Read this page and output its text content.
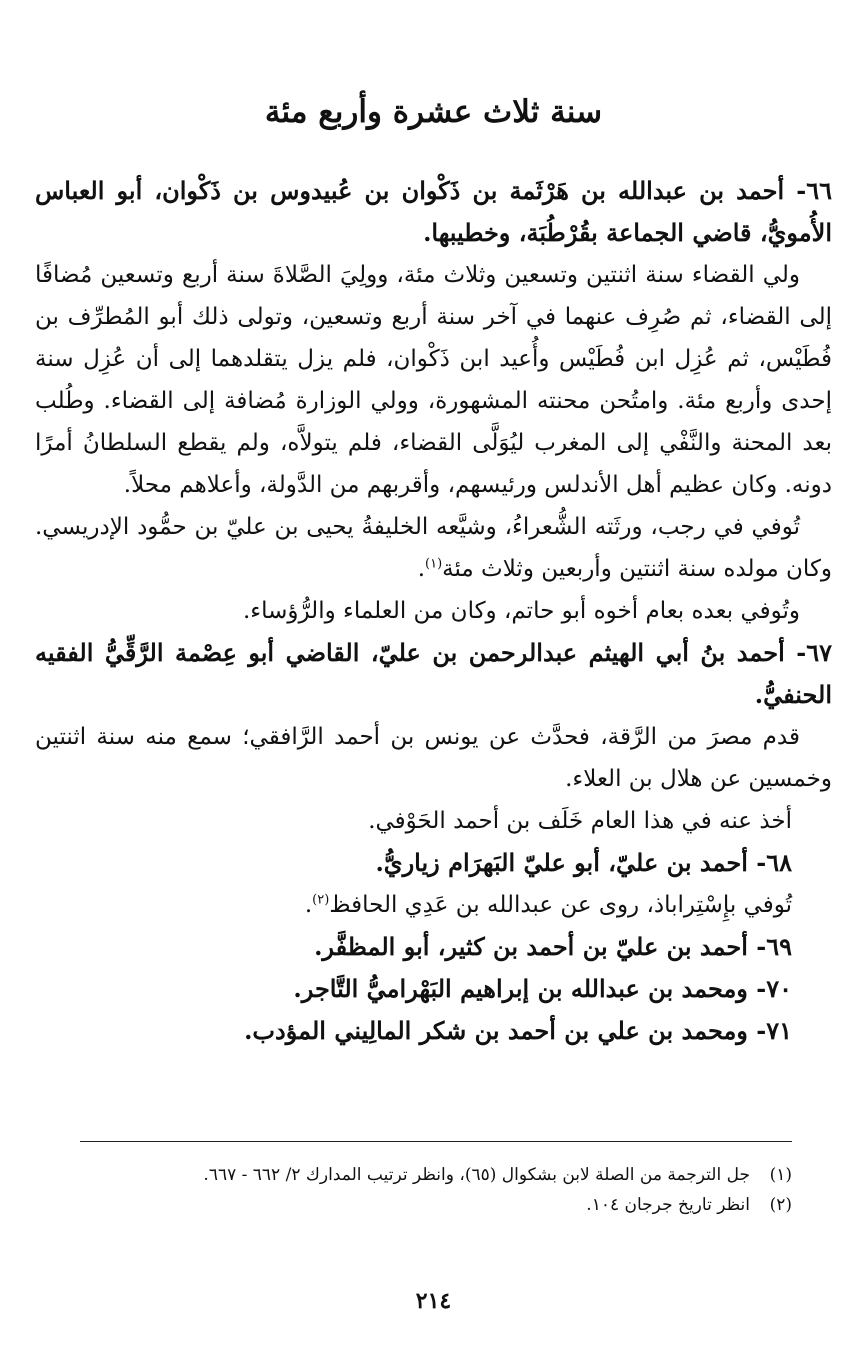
سنة ثلاث عشرة وأربع مئة

٦٦- أحمد بن عبدالله بن هَرْثَمة بن ذَكْوان بن عُبيدوس بن ذَكْوان، أبو العباس الأُمويُّ، قاضي الجماعة بقُرْطُبَة، وخطيبها.

ولي القضاء سنة اثنتين وتسعين وثلاث مئة، وولِيَ الصَّلاةَ سنة أربع وتسعين مُضافًا إلى القضاء، ثم صُرِف عنهما في آخر سنة أربع وتسعين، وتولى ذلك أبو المُطرِّف بن فُطَيْس، ثم عُزِل ابن فُطَيْس وأُعيد ابن ذَكْوان، فلم يزل يتقلدهما إلى أن عُزِل سنة إحدى وأربع مئة. وامتُحن محنته المشهورة، وولي الوزارة مُضافة إلى القضاء. وطُلب بعد المحنة والنَّفْي إلى المغرب ليُوَلَّى القضاء، فلم يتولاَّه، ولم يقطع السلطانُ أمرًا دونه. وكان عظيم أهل الأندلس ورئيسهم، وأقربهم من الدَّولة، وأعلاهم محلاً.

تُوفي في رجب، ورثَته الشُّعراءُ، وشيَّعه الخليفةُ يحيى بن عليّ بن حمُّود الإدريسي. وكان مولده سنة اثنتين وأربعين وثلاث مئة$^{(١)}$.

وتُوفي بعده بعام أخوه أبو حاتم، وكان من العلماء والرُّؤساء.

٦٧- أحمد بنُ أبي الهيثم عبدالرحمن بن عليّ، القاضي أبو عِصْمة الرَّقِّيُّ الفقيه الحنفيُّ.

قدم مصرَ من الرَّقة، فحدَّث عن يونس بن أحمد الرَّافقي؛ سمع منه سنة اثنتين وخمسين عن هلال بن العلاء.

أخذ عنه في هذا العام خَلَف بن أحمد الحَوْفي.

٦٨- أحمد بن عليّ، أبو عليّ البَهرَام زياريُّ.

تُوفي بإِسْتِراباذ، روى عن عبدالله بن عَدِي الحافظ$^{(٢)}$.

٦٩- أحمد بن عليّ بن أحمد بن كثير، أبو المظفَّر.

٧٠- ومحمد بن عبدالله بن إبراهيم البَهْراميُّ التَّاجر.

٧١- ومحمد بن علي بن أحمد بن شكر المالِيني المؤدب.

(١)
جل الترجمة من الصلة لابن بشكوال (٦٥)، وانظر ترتيب المدارك ٢/ ٦٦٢ - ٦٦٧.

(٢)
انظر تاريخ جرجان ١٠٤.

٢١٤
